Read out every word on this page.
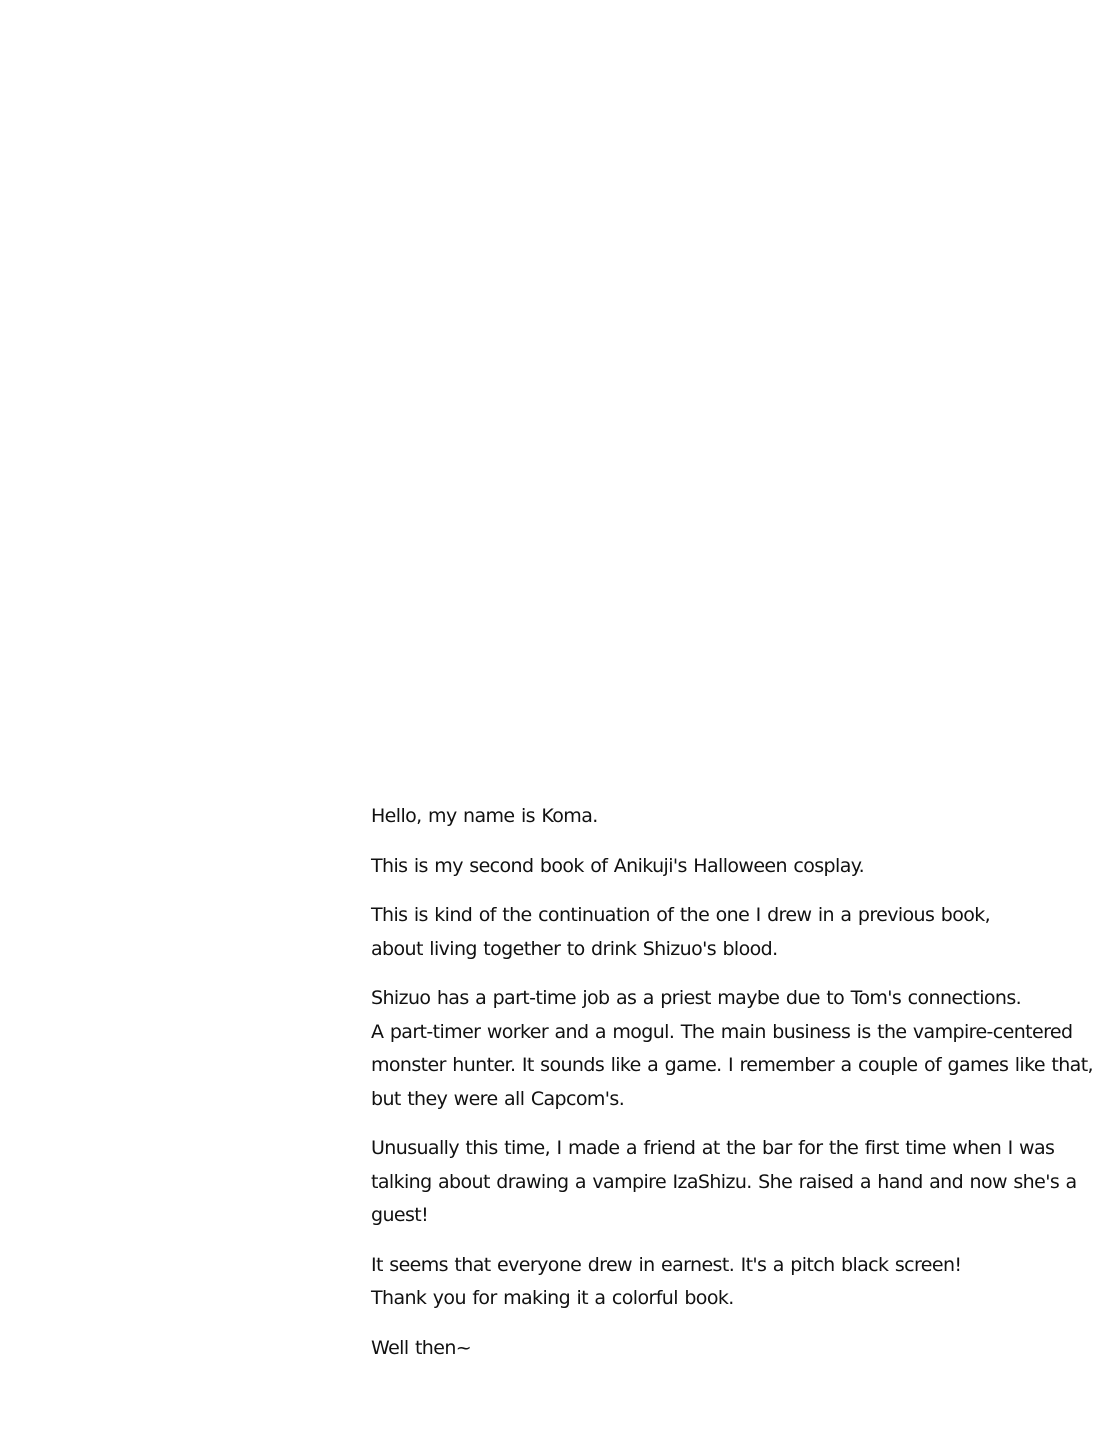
Hello, my name is Koma.

This is my second book of Anikuji's Halloween cosplay.

This is kind of the continuation of the one I drew in a previous book,
about living together to drink Shizuo's blood.

Shizuo has a part-time job as a priest maybe due to Tom's connections.
A part-timer worker and a mogul. The main business is the vampire-centered
monster hunter. It sounds like a game. I remember a couple of games like that,
but they were all Capcom's.

Unusually this time, I made a friend at the bar for the first time when I was
talking about drawing a vampire IzaShizu. She raised a hand and now she's a
guest!

It seems that everyone drew in earnest. It's a pitch black screen!
Thank you for making it a colorful book.

Well then~
